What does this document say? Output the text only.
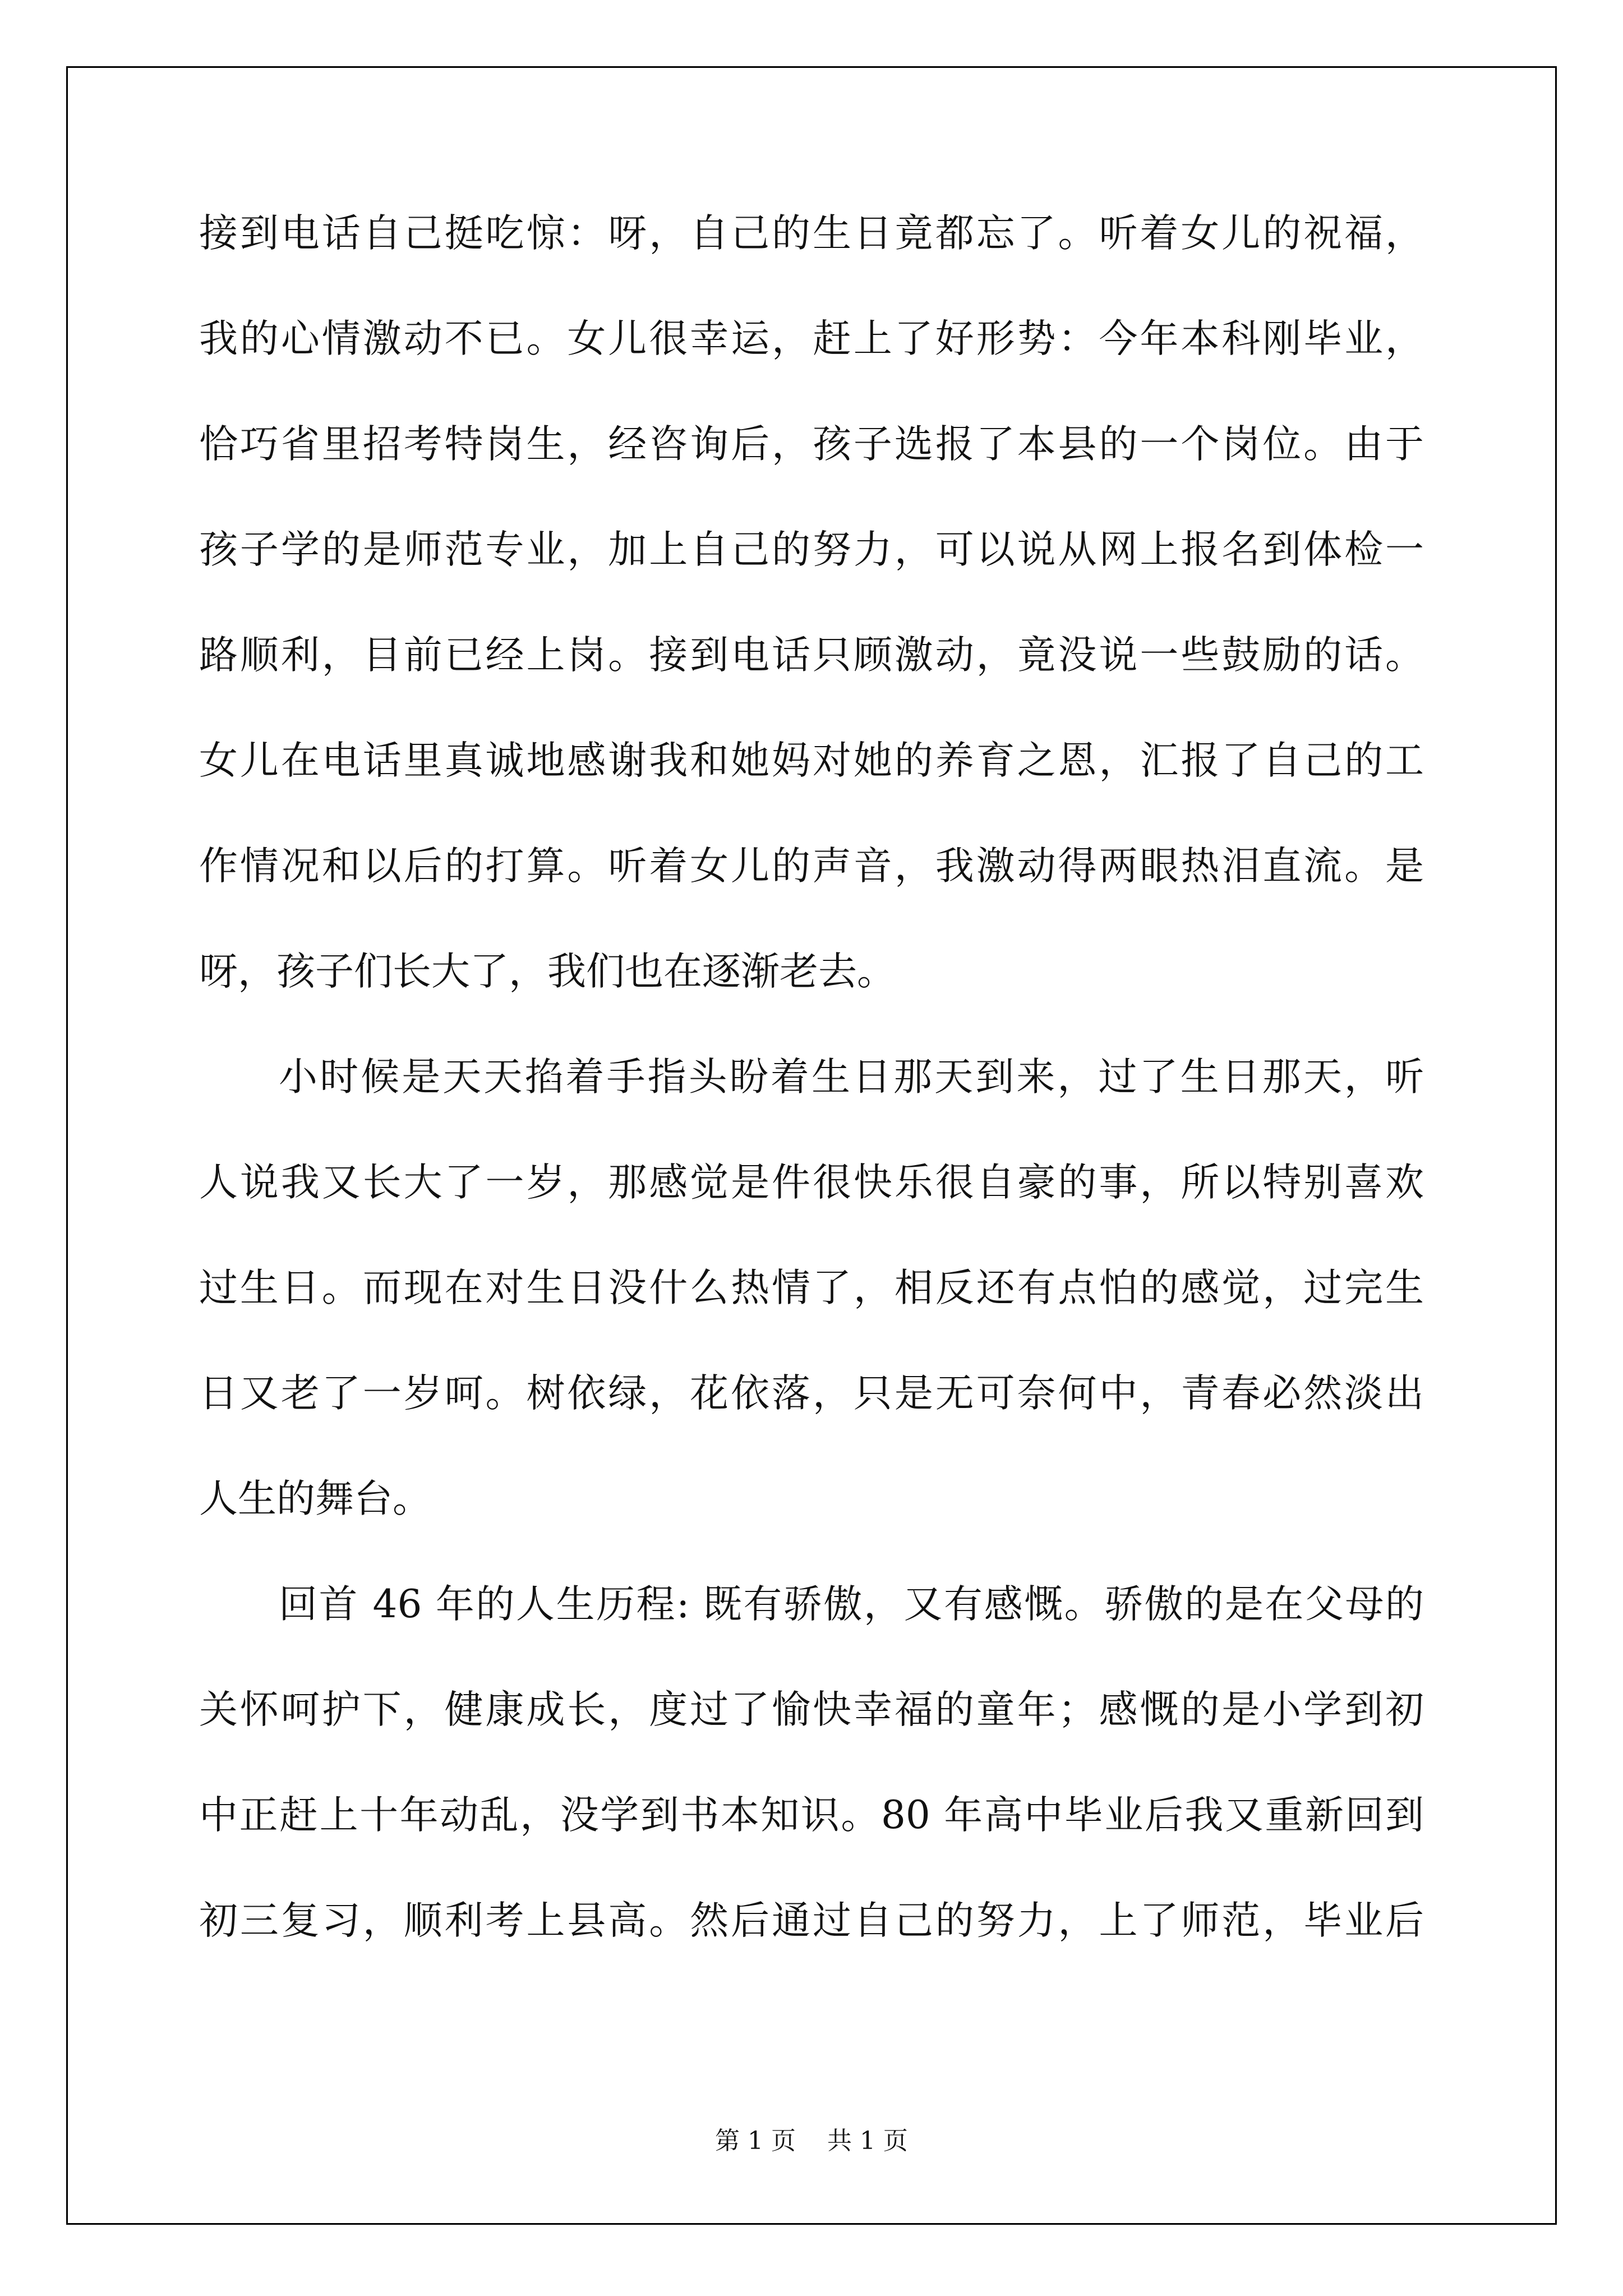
接到电话自己挺吃惊：呀，自己的生日竟都忘了。听着女儿的祝福，
我的心情激动不已。女儿很幸运，赶上了好形势：今年本科刚毕业，
恰巧省里招考特岗生，经咨询后，孩子选报了本县的一个岗位。由于
孩子学的是师范专业，加上自己的努力，可以说从网上报名到体检一
路顺利，目前已经上岗。接到电话只顾激动，竟没说一些鼓励的话。
女儿在电话里真诚地感谢我和她妈对她的养育之恩，汇报了自己的工
作情况和以后的打算。听着女儿的声音，我激动得两眼热泪直流。是
呀，孩子们长大了，我们也在逐渐老去。
小时候是天天掐着手指头盼着生日那天到来，过了生日那天，听
人说我又长大了一岁，那感觉是件很快乐很自豪的事，所以特别喜欢
过生日。而现在对生日没什么热情了，相反还有点怕的感觉，过完生
日又老了一岁呵。树依绿，花依落，只是无可奈何中，青春必然淡出
人生的舞台。
回首 46 年的人生历程: 既有骄傲，又有感慨。骄傲的是在父母的
关怀呵护下，健康成长，度过了愉快幸福的童年；感慨的是小学到初
中正赶上十年动乱，没学到书本知识。80 年高中毕业后我又重新回到
初三复习，顺利考上县高。然后通过自己的努力，上了师范，毕业后
第 1 页    共 1 页
